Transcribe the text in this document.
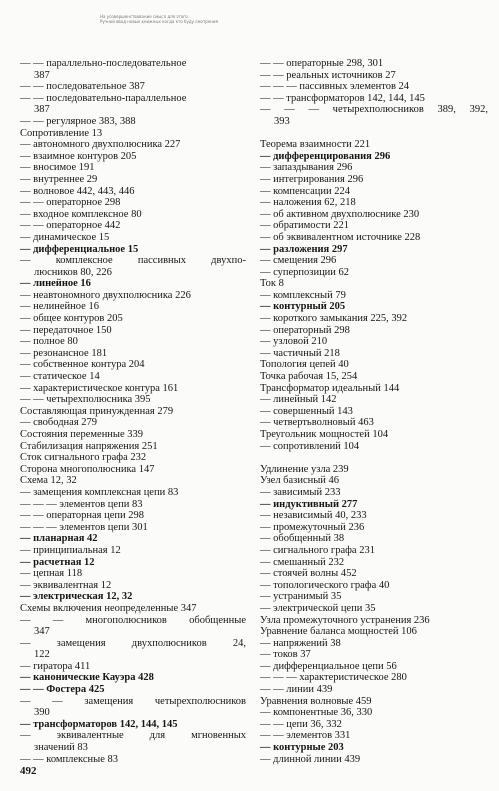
На усовершенствование смысл для этого
Ручной ввод новых книжных когда кто буду смотрения
— — параллельно-последовательное
387
— — последовательное 387
— — последовательно-параллельное
387
— — регулярное 383, 388
Сопротивление 13
— автономного двухполюсника 227
— взаимное контуров 205
— вносимое 191
— внутреннее 29
— волновое 442, 443, 446
— — операторное 298
— входное комплексное 80
— — операторное 442
— динамическое 15
— дифференциальное 15
— комплексное пассивных двухпо-
люсников 80, 226
— линейное 16
— неавтономного двухполюсника 226
— нелинейное 16
— общее контуров 205
— передаточное 150
— полное 80
— резонансное 181
— собственное контура 204
— статическое 14
— характеристическое контура 161
— — четырехполюсника 395
Составляющая принужденная 279
— свободная 279
Состояния переменные 339
Стабилизация напряжения 251
Сток сигнального графа 232
Сторона многополюсника 147
Схема 12, 32
— замещения комплексная цепи 83
— — — элементов цепи 83
— — операторная цепи 298
— — — элементов цепи 301
— планарная 42
— принципиальная 12
— расчетная 12
— цепная 118
— эквивалентная 12
— электрическая 12, 32
Схемы включения неопределенные 347
— — многополюсников обобщенные
347
— замещения двухполюсников 24,
122
— гиратора 411
— канонические Кауэра 428
— — Фостера 425
— — замещения четырехполюсников
390
— трансформаторов 142, 144, 145
— эквивалентные для мгновенных
значений 83
— — комплексные 83
— — операторные 298, 301
— — реальных источников 27
— — — пассивных элементов 24
— — трансформаторов 142, 144, 145
— — — четырехполюсников 389, 392,
393
Теорема взаимности 221
— дифференцирования 296
— запаздывания 296
— интегрирования 296
— компенсации 224
— наложения 62, 218
— об активном двухполюснике 230
— обратимости 221
— об эквивалентном источнике 228
— разложения 297
— смещения 296
— суперпозиции 62
Ток 8
— комплексный 79
— контурный 205
— короткого замыкания 225, 392
— операторный 298
— узловой 210
— частичный 218
Топология цепей 40
Точка рабочая 15, 254
Трансформатор идеальный 144
— линейный 142
— совершенный 143
— четвертьволновый 463
Треугольник мощностей 104
— сопротивлений 104
Удлинение узла 239
Узел базисный 46
— зависимый 233
— индуктивный 277
— независимый 40, 233
— промежуточный 236
— обобщенный 38
— сигнального графа 231
— смешанный 232
— стоячей волны 452
— топологического графа 40
— устранимый 35
— электрической цепи 35
Узла промежуточного устранения 236
Уравнение баланса мощностей 106
— напряжений 38
— токов 37
— дифференциальное цепи 56
— — — характеристическое 280
— — линии 439
Уравнения волновые 459
— компонентные 36, 330
— — цепи 36, 332
— — элементов 331
— контурные 203
— длинной линии 439
492
